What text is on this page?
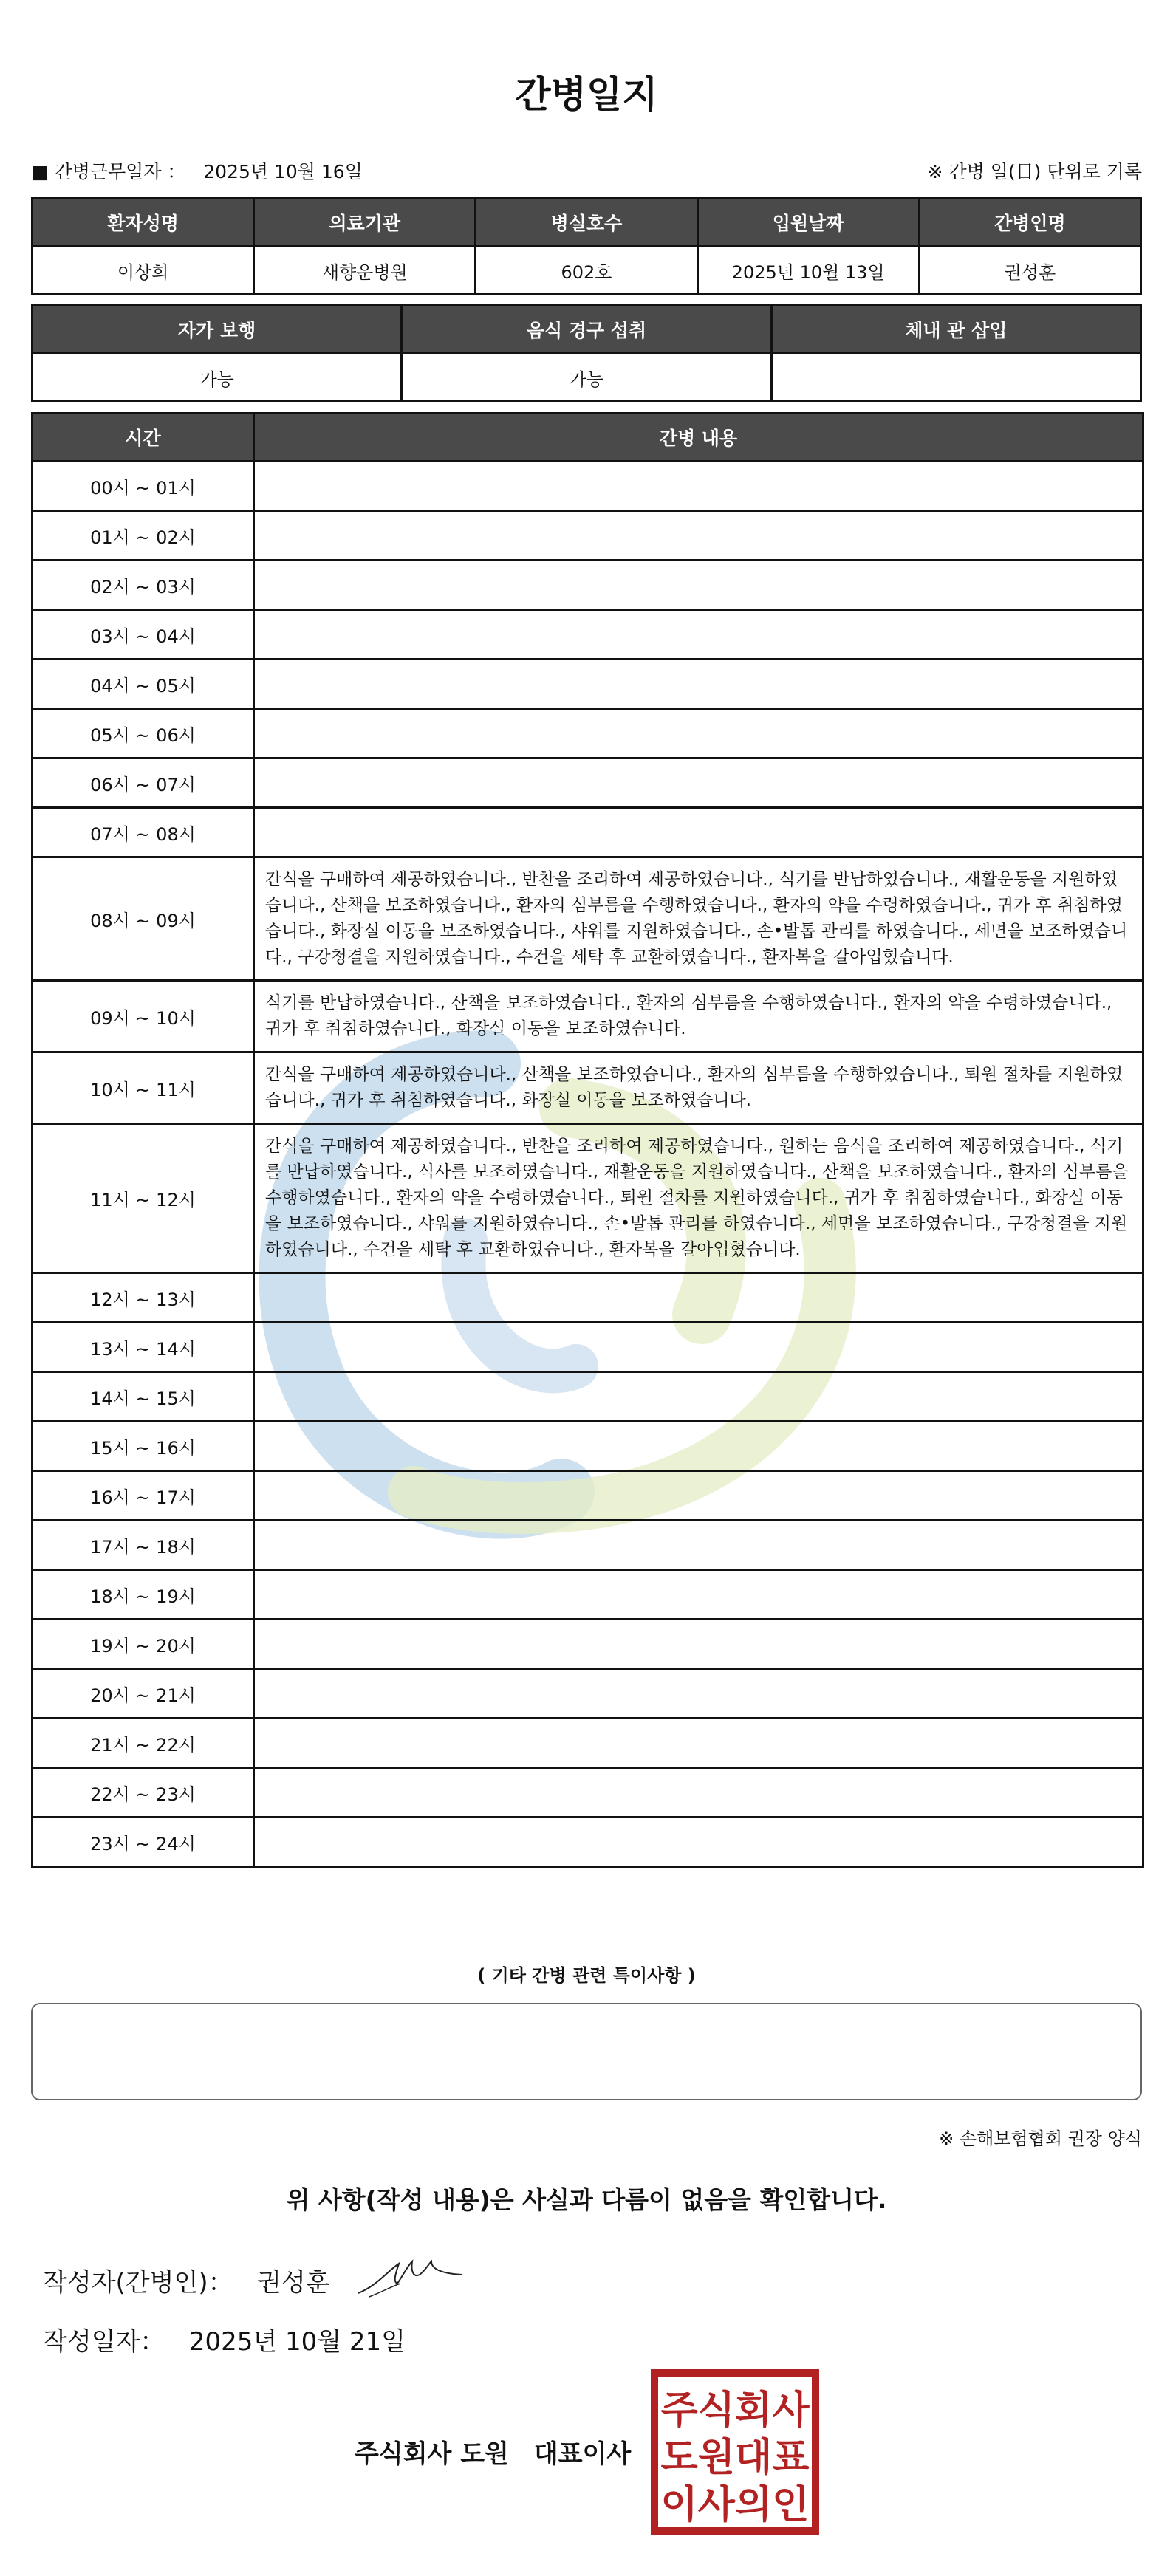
간병일지
■ 간병근무일자 ： 2025년 10월 16일	※ 간병 일(日) 단위로 기록
환자성명	의료기관	병실호수	입원날짜	간병인명
이상희	새향운병원	602호	2025년 10월 13일	권성훈
자가 보행	음식 경구 섭취	체내 관 삽입
가능	가능	
시간	간병 내용
00시 ~ 01시	
01시 ~ 02시	
02시 ~ 03시	
03시 ~ 04시	
04시 ~ 05시	
05시 ~ 06시	
06시 ~ 07시	
07시 ~ 08시	
08시 ~ 09시	간식을 구매하여 제공하였습니다., 반찬을 조리하여 제공하였습니다., 식기를 반납하였습니다., 재활운동을 지원하였습니다., 산책을 보조하였습니다., 환자의 심부름을 수행하였습니다., 환자의 약을 수령하였습니다., 귀가 후 취침하였습니다., 화장실 이동을 보조하였습니다., 샤워를 지원하였습니다., 손•발톱 관리를 하였습니다., 세면을 보조하였습니다., 구강청결을 지원하였습니다., 수건을 세탁 후 교환하였습니다., 환자복을 갈아입혔습니다.
09시 ~ 10시	식기를 반납하였습니다., 산책을 보조하였습니다., 환자의 심부름을 수행하였습니다., 환자의 약을 수령하였습니다., 귀가 후 취침하였습니다., 화장실 이동을 보조하였습니다.
10시 ~ 11시	간식을 구매하여 제공하였습니다., 산책을 보조하였습니다., 환자의 심부름을 수행하였습니다., 퇴원 절차를 지원하였습니다., 귀가 후 취침하였습니다., 화장실 이동을 보조하였습니다.
11시 ~ 12시	간식을 구매하여 제공하였습니다., 반찬을 조리하여 제공하였습니다., 원하는 음식을 조리하여 제공하였습니다., 식기를 반납하였습니다., 식사를 보조하였습니다., 재활운동을 지원하였습니다., 산책을 보조하였습니다., 환자의 심부름을 수행하였습니다., 환자의 약을 수령하였습니다., 퇴원 절차를 지원하였습니다., 귀가 후 취침하였습니다., 화장실 이동을 보조하였습니다., 샤워를 지원하였습니다., 손•발톱 관리를 하였습니다., 세면을 보조하였습니다., 구강청결을 지원하였습니다., 수건을 세탁 후 교환하였습니다., 환자복을 갈아입혔습니다.
12시 ~ 13시	
13시 ~ 14시	
14시 ~ 15시	
15시 ~ 16시	
16시 ~ 17시	
17시 ~ 18시	
18시 ~ 19시	
19시 ~ 20시	
20시 ~ 21시	
21시 ~ 22시	
22시 ~ 23시	
23시 ~ 24시	
( 기타 간병 관련 특이사항 )
※ 손해보험협회 권장 양식
위 사항(작성 내용)은 사실과 다름이 없음을 확인합니다.
작성자(간병인)： 권성훈
작성일자： 2025년 10월 21일
주식회사 도원　대표이사
주식회사
도원대표
이사의인
